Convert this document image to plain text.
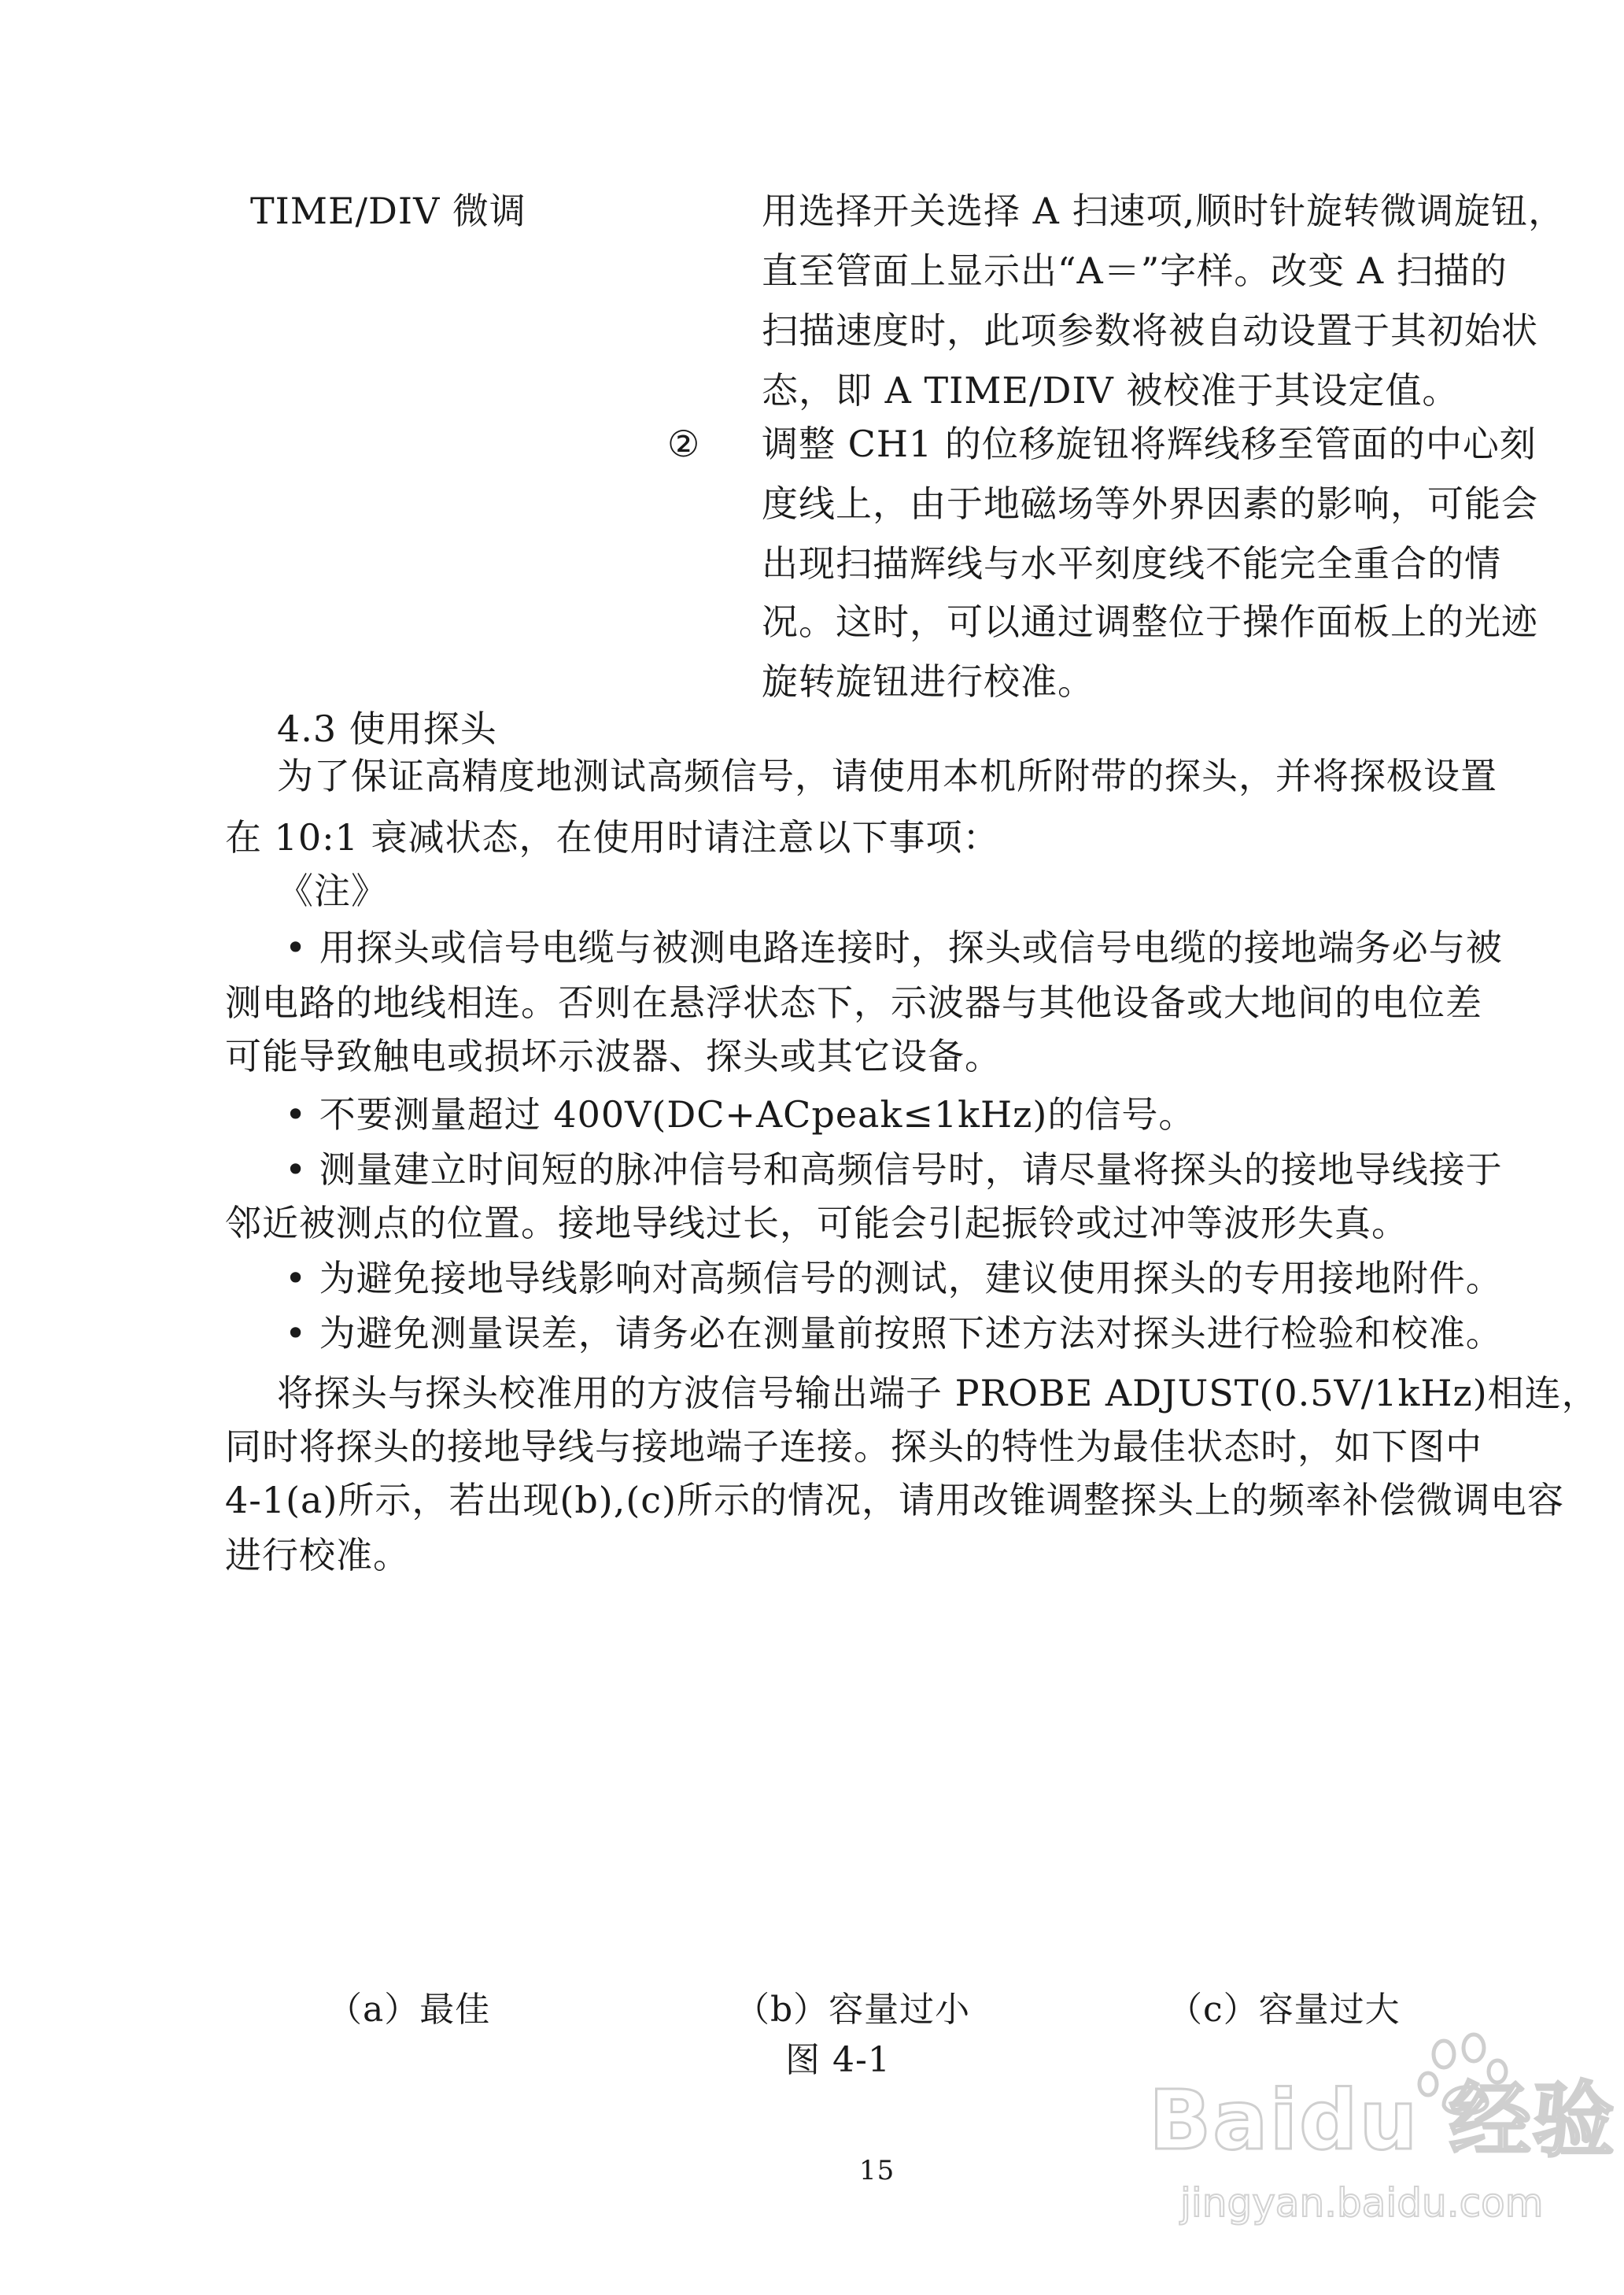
TIME/DIV 微调	用选择开关选择 A 扫速项,顺时针旋转微调旋钮，
直至管面上显示出“A＝”字样。改变 A 扫描的
扫描速度时，此项参数将被自动设置于其初始状
态，即 A TIME/DIV 被校准于其设定值。
② 调整 CH1 的位移旋钮将辉线移至管面的中心刻
度线上，由于地磁场等外界因素的影响，可能会
出现扫描辉线与水平刻度线不能完全重合的情
况。这时，可以通过调整位于操作面板上的光迹
旋转旋钮进行校准。
4.3 使用探头
为了保证高精度地测试高频信号，请使用本机所附带的探头，并将探极设置
在 10:1 衰减状态，在使用时请注意以下事项：
《注》
• 用探头或信号电缆与被测电路连接时，探头或信号电缆的接地端务必与被
测电路的地线相连。否则在悬浮状态下，示波器与其他设备或大地间的电位差
可能导致触电或损坏示波器、探头或其它设备。
• 不要测量超过 400V(DC+ACpeak≤1kHz)的信号。
• 测量建立时间短的脉冲信号和高频信号时，请尽量将探头的接地导线接于
邻近被测点的位置。接地导线过长，可能会引起振铃或过冲等波形失真。
• 为避免接地导线影响对高频信号的测试，建议使用探头的专用接地附件。
• 为避免测量误差，请务必在测量前按照下述方法对探头进行检验和校准。
将探头与探头校准用的方波信号输出端子 PROBE ADJUST(0.5V/1kHz)相连，
同时将探头的接地导线与接地端子连接。探头的特性为最佳状态时，如下图中
4-1(a)所示，若出现(b),(c)所示的情况，请用改锥调整探头上的频率补偿微调电容
进行校准。
（a）最佳	（b）容量过小	（c）容量过大
图 4-1
15
Baidu 经验
jingyan.baidu.com
